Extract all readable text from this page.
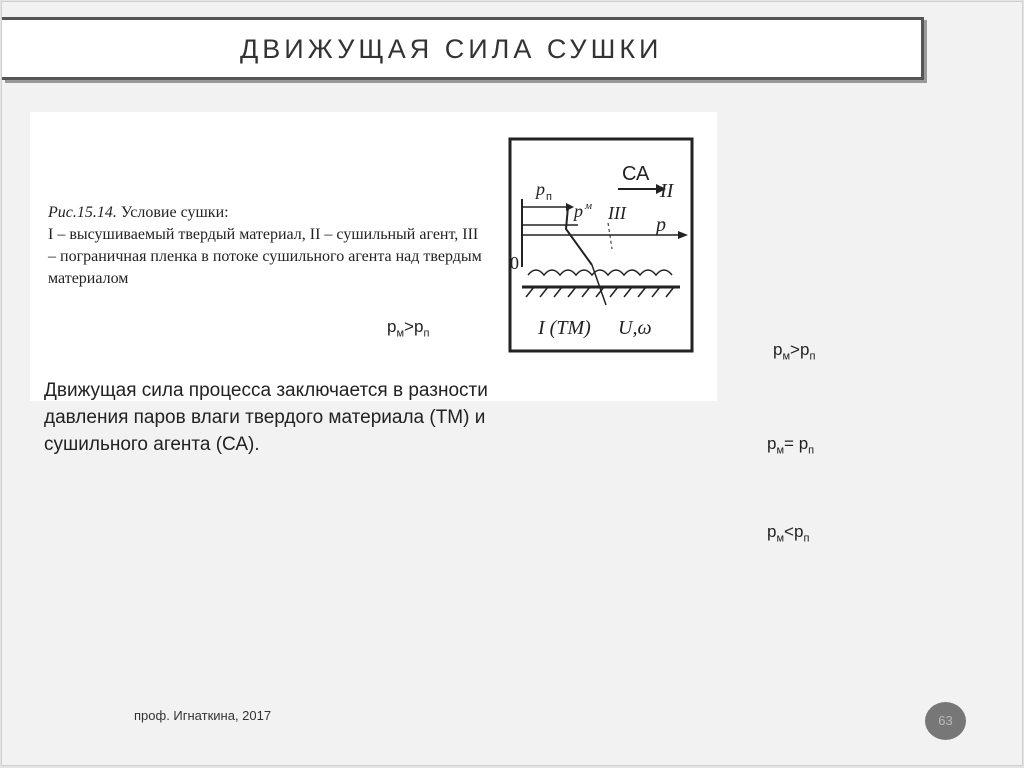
ДВИЖУЩАЯ СИЛА СУШКИ
Рис.15.14. Условие сушки:
I – высушиваемый твердый материал, II – сушильный агент, III – пограничная пленка в потоке сушильного агента над твердым материалом
$p_м>p_п$
СА
II
p п
p м III
p
0
I (ТМ) U,ω
Движущая сила процесса заключается в разности давления паров влаги твердого материала (ТМ) и сушильного агента (СА).
$p_м>p_п$
$p_м= p_п$
$p_м<p_п$
проф. Игнаткина, 2017	63
